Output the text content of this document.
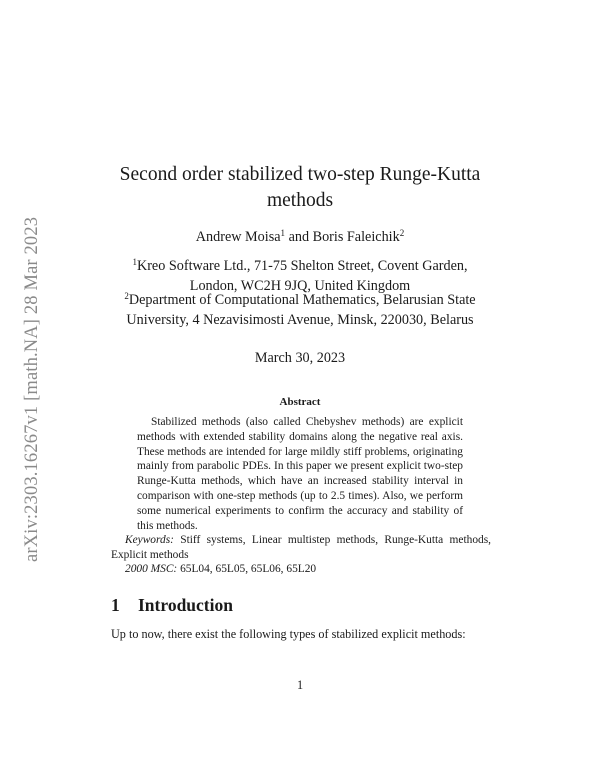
arXiv:2303.16267v1 [math.NA] 28 Mar 2023
Second order stabilized two-step Runge-Kutta
methods
Andrew Moisa$^1$ and Boris Faleichik$^2$
$^1$Kreo Software Ltd., 71-75 Shelton Street, Covent Garden,
London, WC2H 9JQ, United Kingdom
$^2$Department of Computational Mathematics, Belarusian State
University, 4 Nezavisimosti Avenue, Minsk, 220030, Belarus
March 30, 2023
Abstract
Stabilized methods (also called Chebyshev methods) are explicit methods with extended stability domains along the negative real axis. These methods are intended for large mildly stiff problems, originating mainly from parabolic PDEs. In this paper we present explicit two-step Runge-Kutta methods, which have an increased stability interval in comparison with one-step methods (up to 2.5 times). Also, we perform some numerical experiments to confirm the accuracy and stability of this methods.
Keywords: Stiff systems, Linear multistep methods, Runge-Kutta methods, Explicit methods
2000 MSC: 65L04, 65L05, 65L06, 65L20
1 Introduction
Up to now, there exist the following types of stabilized explicit methods:
1
